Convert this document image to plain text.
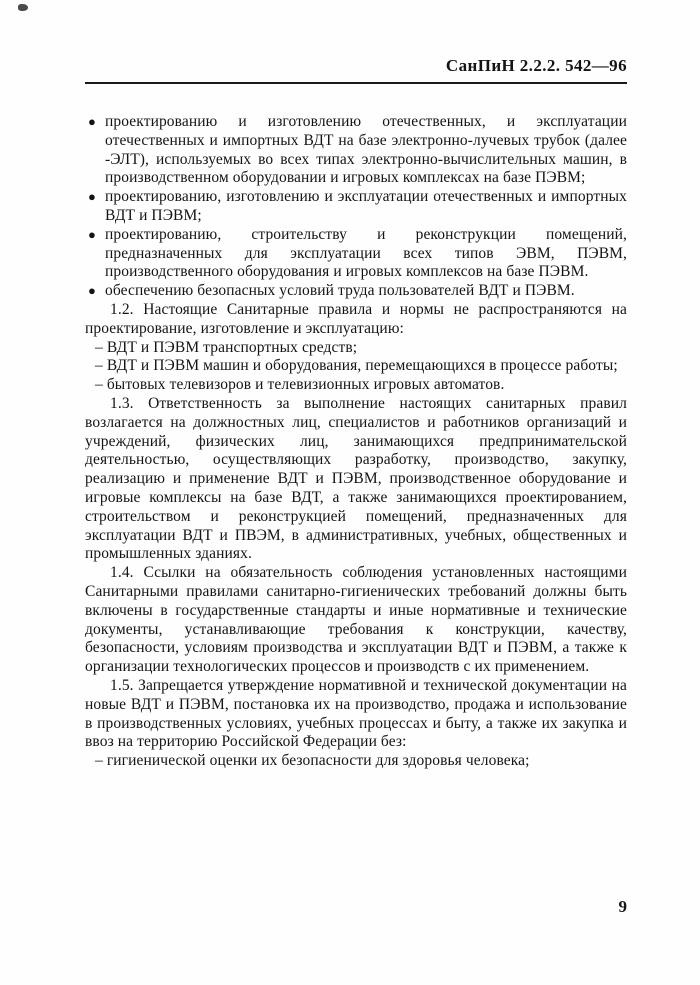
СанПиН 2.2.2. 542—96
● проектированию и изготовлению отечественных, и эксплуатации отечественных и импортных ВДТ на базе электронно-лучевых трубок (далее -ЭЛТ), используемых во всех типах электронно-вычислительных машин, в производственном оборудовании и игровых комплексах на базе ПЭВМ;
● проектированию, изготовлению и эксплуатации отечественных и импортных ВДТ и ПЭВМ;
● проектированию, строительству и реконструкции помещений, предназначенных для эксплуатации всех типов ЭВМ, ПЭВМ, производственного оборудования и игровых комплексов на базе ПЭВМ.
● обеспечению безопасных условий труда пользователей ВДТ и ПЭВМ.

1.2. Настоящие Санитарные правила и нормы не распространяются на проектирование, изготовление и эксплуатацию:

– ВДТ и ПЭВМ транспортных средств;
– ВДТ и ПЭВМ машин и оборудования, перемещающихся в процессе работы;
– бытовых телевизоров и телевизионных игровых автоматов.

1.3. Ответственность за выполнение настоящих санитарных правил возлагается на должностных лиц, специалистов и работников организаций и учреждений, физических лиц, занимающихся предпринимательской деятельностью, осуществляющих разработку, производство, закупку, реализацию и применение ВДТ и ПЭВМ, производственное оборудование и игровые комплексы на базе ВДТ, а также занимающихся проектированием, строительством и реконструкцией помещений, предназначенных для эксплуатации ВДТ и ПВЭМ, в административных, учебных, общественных и промышленных зданиях.

1.4. Ссылки на обязательность соблюдения установленных настоящими Санитарными правилами санитарно-гигиенических требований должны быть включены в государственные стандарты и иные нормативные и технические документы, устанавливающие требования к конструкции, качеству, безопасности, условиям производства и эксплуатации ВДТ и ПЭВМ, а также к организации технологических процессов и производств с их применением.

1.5. Запрещается утверждение нормативной и технической документации на новые ВДТ и ПЭВМ, постановка их на производство, продажа и использование в производственных условиях, учебных процессах и быту, а также их закупка и ввоз на территорию Российской Федерации без:

– гигиенической оценки их безопасности для здоровья человека;
9
